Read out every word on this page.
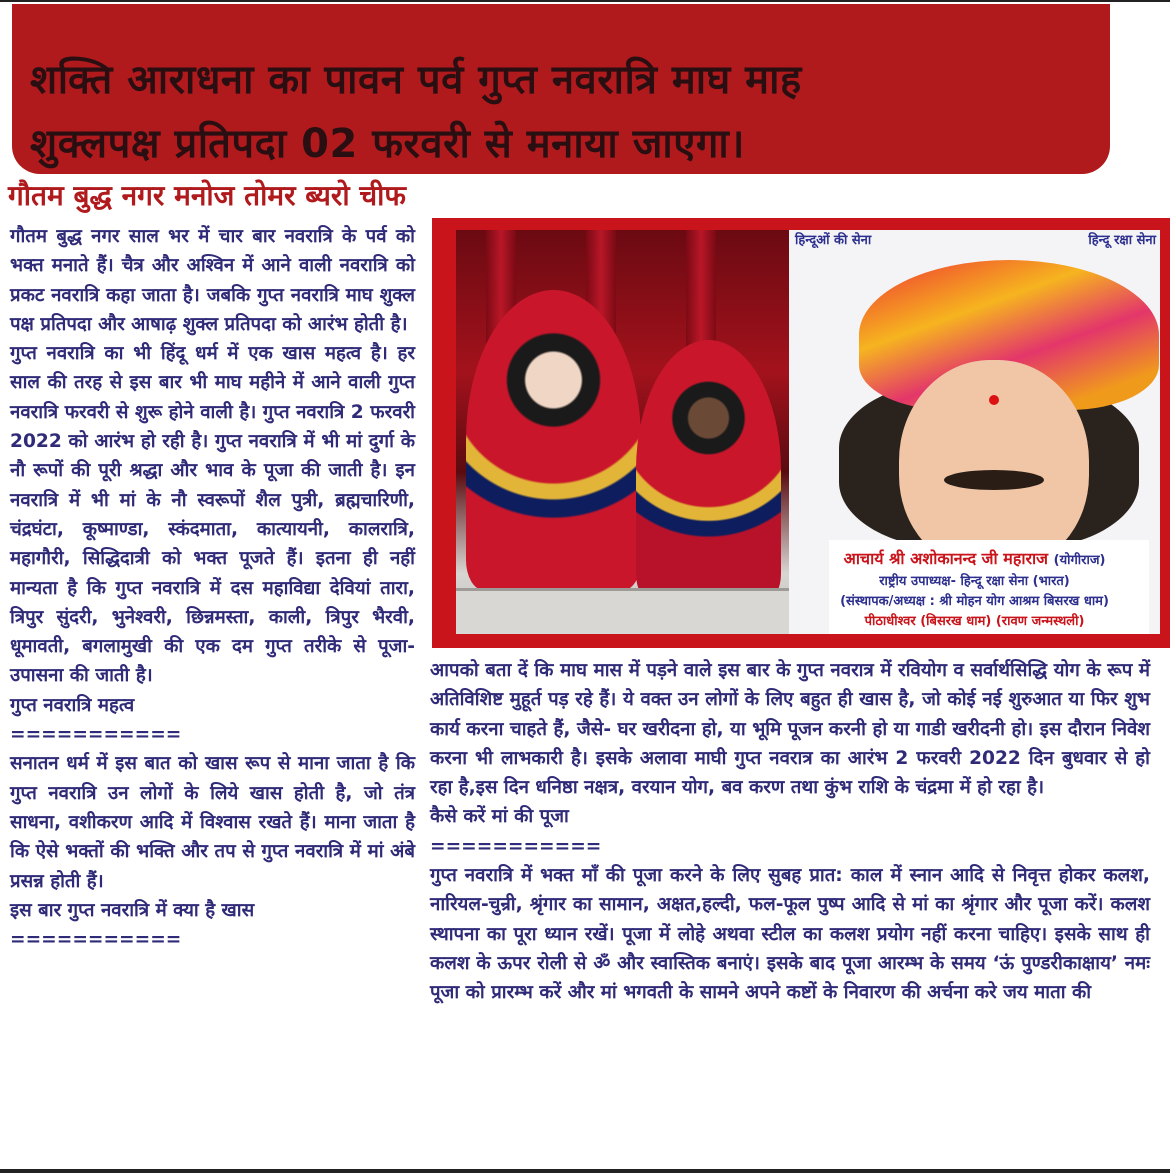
शक्ति आराधना का पावन पर्व गुप्त नवरात्रि माघ माह
शुक्लपक्ष प्रतिपदा 02 फरवरी से मनाया जाएगा।
गौतम बुद्ध नगर मनोज तोमर ब्यरो चीफ

गौतम बुद्ध नगर साल भर में चार बार नवरात्रि के पर्व को भक्त मनाते हैं। चैत्र और अश्विन में आने वाली नवरात्रि को प्रकट नवरात्रि कहा जाता है। जबकि गुप्त नवरात्रि माघ शुक्ल पक्ष प्रतिपदा और आषाढ़ शुक्ल प्रतिपदा को आरंभ होती है।

गुप्त नवरात्रि का भी हिंदू धर्म में एक खास महत्व है। हर साल की तरह से इस बार भी माघ महीने में आने वाली गुप्त नवरात्रि फरवरी से शुरू होने वाली है। गुप्त नवरात्रि 2 फरवरी 2022 को आरंभ हो रही है। गुप्त नवरात्रि में भी मां दुर्गा के नौ रूपों की पूरी श्रद्धा और भाव के पूजा की जाती है। इन नवरात्रि में भी मां के नौ स्वरूपों शैल पुत्री, ब्रह्मचारिणी, चंद्रघंटा, कूष्माण्डा, स्कंदमाता, कात्यायनी, कालरात्रि, महागौरी, सिद्धिदात्री को भक्त पूजते हैं। इतना ही नहीं मान्यता है कि गुप्त नवरात्रि में दस महाविद्या देवियां तारा, त्रिपुर सुंदरी, भुनेश्वरी, छिन्नमस्ता, काली, त्रिपुर भैरवी, धूमावती, बगलामुखी की एक दम गुप्त तरीके से पूजा-उपासना की जाती है।

गुप्त नवरात्रि महत्व

===========

सनातन धर्म में इस बात को खास रूप से माना जाता है कि गुप्त नवरात्रि उन लोगों के लिये खास होती है, जो तंत्र साधना, वशीकरण आदि में विश्वास रखते हैं। माना जाता है कि ऐसे भक्तों की भक्ति और तप से गुप्त नवरात्रि में मां अंबे प्रसन्न होती हैं।

इस बार गुप्त नवरात्रि में क्या है खास

===========

हिन्दूओं की सेना	हिन्दू रक्षा सेना
आचार्य श्री अशोकानन्द जी महाराज (योगीराज)
राष्ट्रीय उपाध्यक्ष- हिन्दू रक्षा सेना (भारत)
(संस्थापक/अध्यक्ष : श्री मोहन योग आश्रम बिसरख धाम)
पीठाधीश्वर (बिसरख धाम) (रावण जन्मस्थली)

आपको बता दें कि माघ मास में पड़ने वाले इस बार के गुप्त नवरात्र में रवियोग व सर्वार्थसिद्धि योग के रूप में अतिविशिष्ट मुहूर्त पड़ रहे हैं। ये वक्त उन लोगों के लिए बहुत ही खास है, जो कोई नई शुरुआत या फिर शुभ कार्य करना चाहते हैं, जैसे- घर खरीदना हो, या भूमि पूजन करनी हो या गाडी खरीदनी हो। इस दौरान निवेश करना भी लाभकारी है। इसके अलावा माघी गुप्त नवरात्र का आरंभ 2 फरवरी 2022 दिन बुधवार से हो रहा है,इस दिन धनिष्ठा नक्षत्र, वरयान योग, बव करण तथा कुंभ राशि के चंद्रमा में हो रहा है।

कैसे करें मां की पूजा

===========

गुप्त नवरात्रि में भक्त माँ की पूजा करने के लिए सुबह प्रात: काल में स्नान आदि से निवृत्त होकर कलश, नारियल-चुन्री, श्रृंगार का सामान, अक्षत,हल्दी, फल-फूल पुष्प आदि से मां का श्रृंगार और पूजा करें। कलश स्थापना का पूरा ध्यान रखें। पूजा में लोहे अथवा स्टील का कलश प्रयोग नहीं करना चाहिए। इसके साथ ही कलश के ऊपर रोली से ॐ और स्वास्तिक बनाएं। इसके बाद पूजा आरम्भ के समय ‘ऊं पुण्डरीकाक्षाय’ नमः पूजा को प्रारम्भ करें और मां भगवती के सामने अपने कष्टों के निवारण की अर्चना करे जय माता की
